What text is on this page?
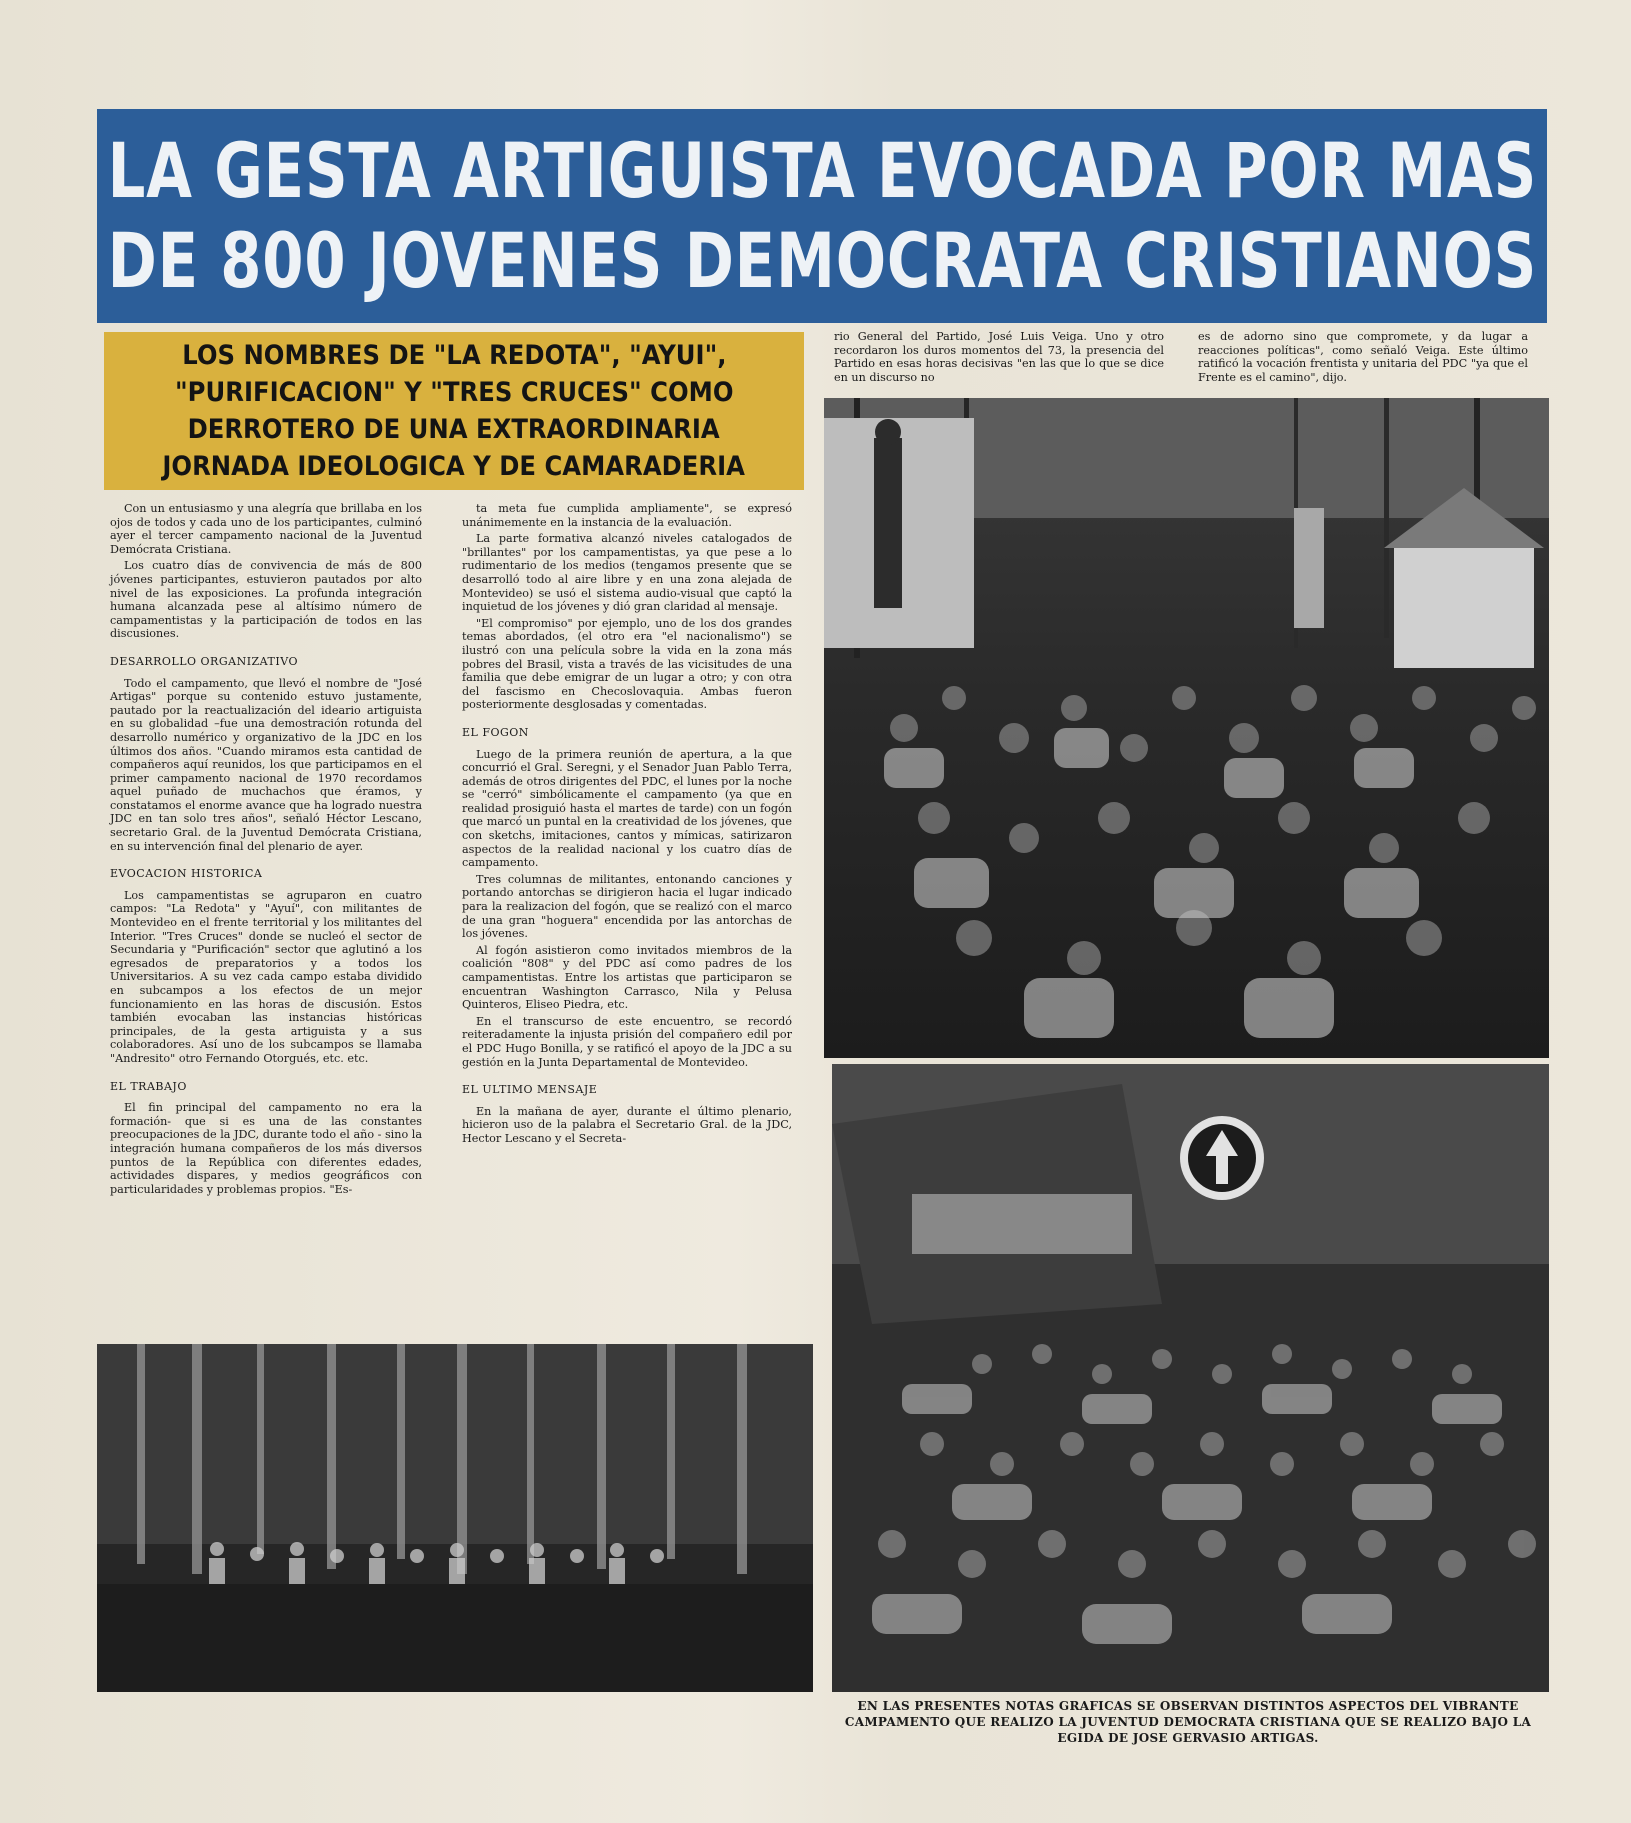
LA GESTA ARTIGUISTA EVOCADA POR MAS
DE 800 JOVENES DEMOCRATA CRISTIANOS
LOS NOMBRES DE "LA REDOTA", "AYUI",
"PURIFICACION" Y "TRES CRUCES" COMO
DERROTERO DE UNA EXTRAORDINARIA
JORNADA IDEOLOGICA Y DE CAMARADERIA
rio General del Partido, José Luis Veiga. Uno y otro recordaron los duros momentos del 73, la presencia del Partido en esas horas decisivas "en las que lo que se dice en un discurso no
es de adorno sino que compromete, y da lugar a reacciones políticas", como señaló Veiga. Este último ratificó la vocación frentista y unitaria del PDC "ya que el Frente es el camino", dijo.

Con un entusiasmo y una alegría que brillaba en los ojos de todos y cada uno de los participantes, culminó ayer el tercer campamento nacional de la Juventud Demócrata Cristiana.

Los cuatro días de convivencia de más de 800 jóvenes participantes, estuvieron pautados por alto nivel de las exposiciones. La profunda integración humana alcanzada pese al altísimo número de campamentistas y la participación de todos en las discusiones.

DESARROLLO ORGANIZATIVO

Todo el campamento, que llevó el nombre de "José Artigas" porque su contenido estuvo justamente, pautado por la reactualización del ideario artiguista en su globalidad –fue una demostración rotunda del desarrollo numérico y organizativo de la JDC en los últimos dos años. "Cuando miramos esta cantidad de compañeros aquí reunidos, los que participamos en el primer campamento nacional de 1970 recordamos aquel puñado de muchachos que éramos, y constatamos el enorme avance que ha logrado nuestra JDC en tan solo tres años", señaló Héctor Lescano, secretario Gral. de la Juventud Demócrata Cristiana, en su intervención final del plenario de ayer.

EVOCACION HISTORICA

Los campamentistas se agruparon en cuatro campos: "La Redota" y "Ayuí", con militantes de Montevideo en el frente territorial y los militantes del Interior. "Tres Cruces" donde se nucleó el sector de Secundaria y "Purificación" sector que aglutinó a los egresados de preparatorios y a todos los Universitarios. A su vez cada campo estaba dividido en subcampos a los efectos de un mejor funcionamiento en las horas de discusión. Estos también evocaban las instancias históricas principales, de la gesta artiguista y a sus colaboradores. Así uno de los subcampos se llamaba "Andresito" otro Fernando Otorgués, etc. etc.

EL TRABAJO

El fin principal del campamento no era la formación- que si es una de las constantes preocupaciones de la JDC, durante todo el año - sino la integración humana compañeros de los más diversos puntos de la República con diferentes edades, actividades dispares, y medios geográficos con particularidades y problemas propios. "Es-

ta meta fue cumplida ampliamente", se expresó unánimemente en la instancia de la evaluación.

La parte formativa alcanzó niveles catalogados de "brillantes" por los campamentistas, ya que pese a lo rudimentario de los medios (tengamos presente que se desarrolló todo al aire libre y en una zona alejada de Montevideo) se usó el sistema audio-visual que captó la inquietud de los jóvenes y dió gran claridad al mensaje.

"El compromiso" por ejemplo, uno de los dos grandes temas abordados, (el otro era "el nacionalismo") se ilustró con una película sobre la vida en la zona más pobres del Brasil, vista a través de las vicisitudes de una familia que debe emigrar de un lugar a otro; y con otra del fascismo en Checoslovaquia. Ambas fueron posteriormente desglosadas y comentadas.

EL FOGON

Luego de la primera reunión de apertura, a la que concurrió el Gral. Seregni, y el Senador Juan Pablo Terra, además de otros dirigentes del PDC, el lunes por la noche se "cerró" simbólicamente el campamento (ya que en realidad prosiguió hasta el martes de tarde) con un fogón que marcó un puntal en la creatividad de los jóvenes, que con sketchs, imitaciones, cantos y mímicas, satirizaron aspectos de la realidad nacional y los cuatro días de campamento.

Tres columnas de militantes, entonando canciones y portando antorchas se dirigieron hacia el lugar indicado para la realizacion del fogón, que se realizó con el marco de una gran "hoguera" encendida por las antorchas de los jóvenes.

Al fogón asistieron como invitados miembros de la coalición "808" y del PDC así como padres de los campamentistas. Entre los artistas que participaron se encuentran Washington Carrasco, Nila y Pelusa Quinteros, Eliseo Piedra, etc.

En el transcurso de este encuentro, se recordó reiteradamente la injusta prisión del compañero edil por el PDC Hugo Bonilla, y se ratificó el apoyo de la JDC a su gestión en la Junta Departamental de Montevideo.

EL ULTIMO MENSAJE

En la mañana de ayer, durante el último plenario, hicieron uso de la palabra el Secretario Gral. de la JDC, Hector Lescano y el Secreta-

EN LAS PRESENTES NOTAS GRAFICAS SE OBSERVAN DISTINTOS ASPECTOS DEL VIBRANTE CAMPAMENTO QUE REALIZO LA JUVENTUD DEMOCRATA CRISTIANA QUE SE REALIZO BAJO LA EGIDA DE JOSE GERVASIO ARTIGAS.
